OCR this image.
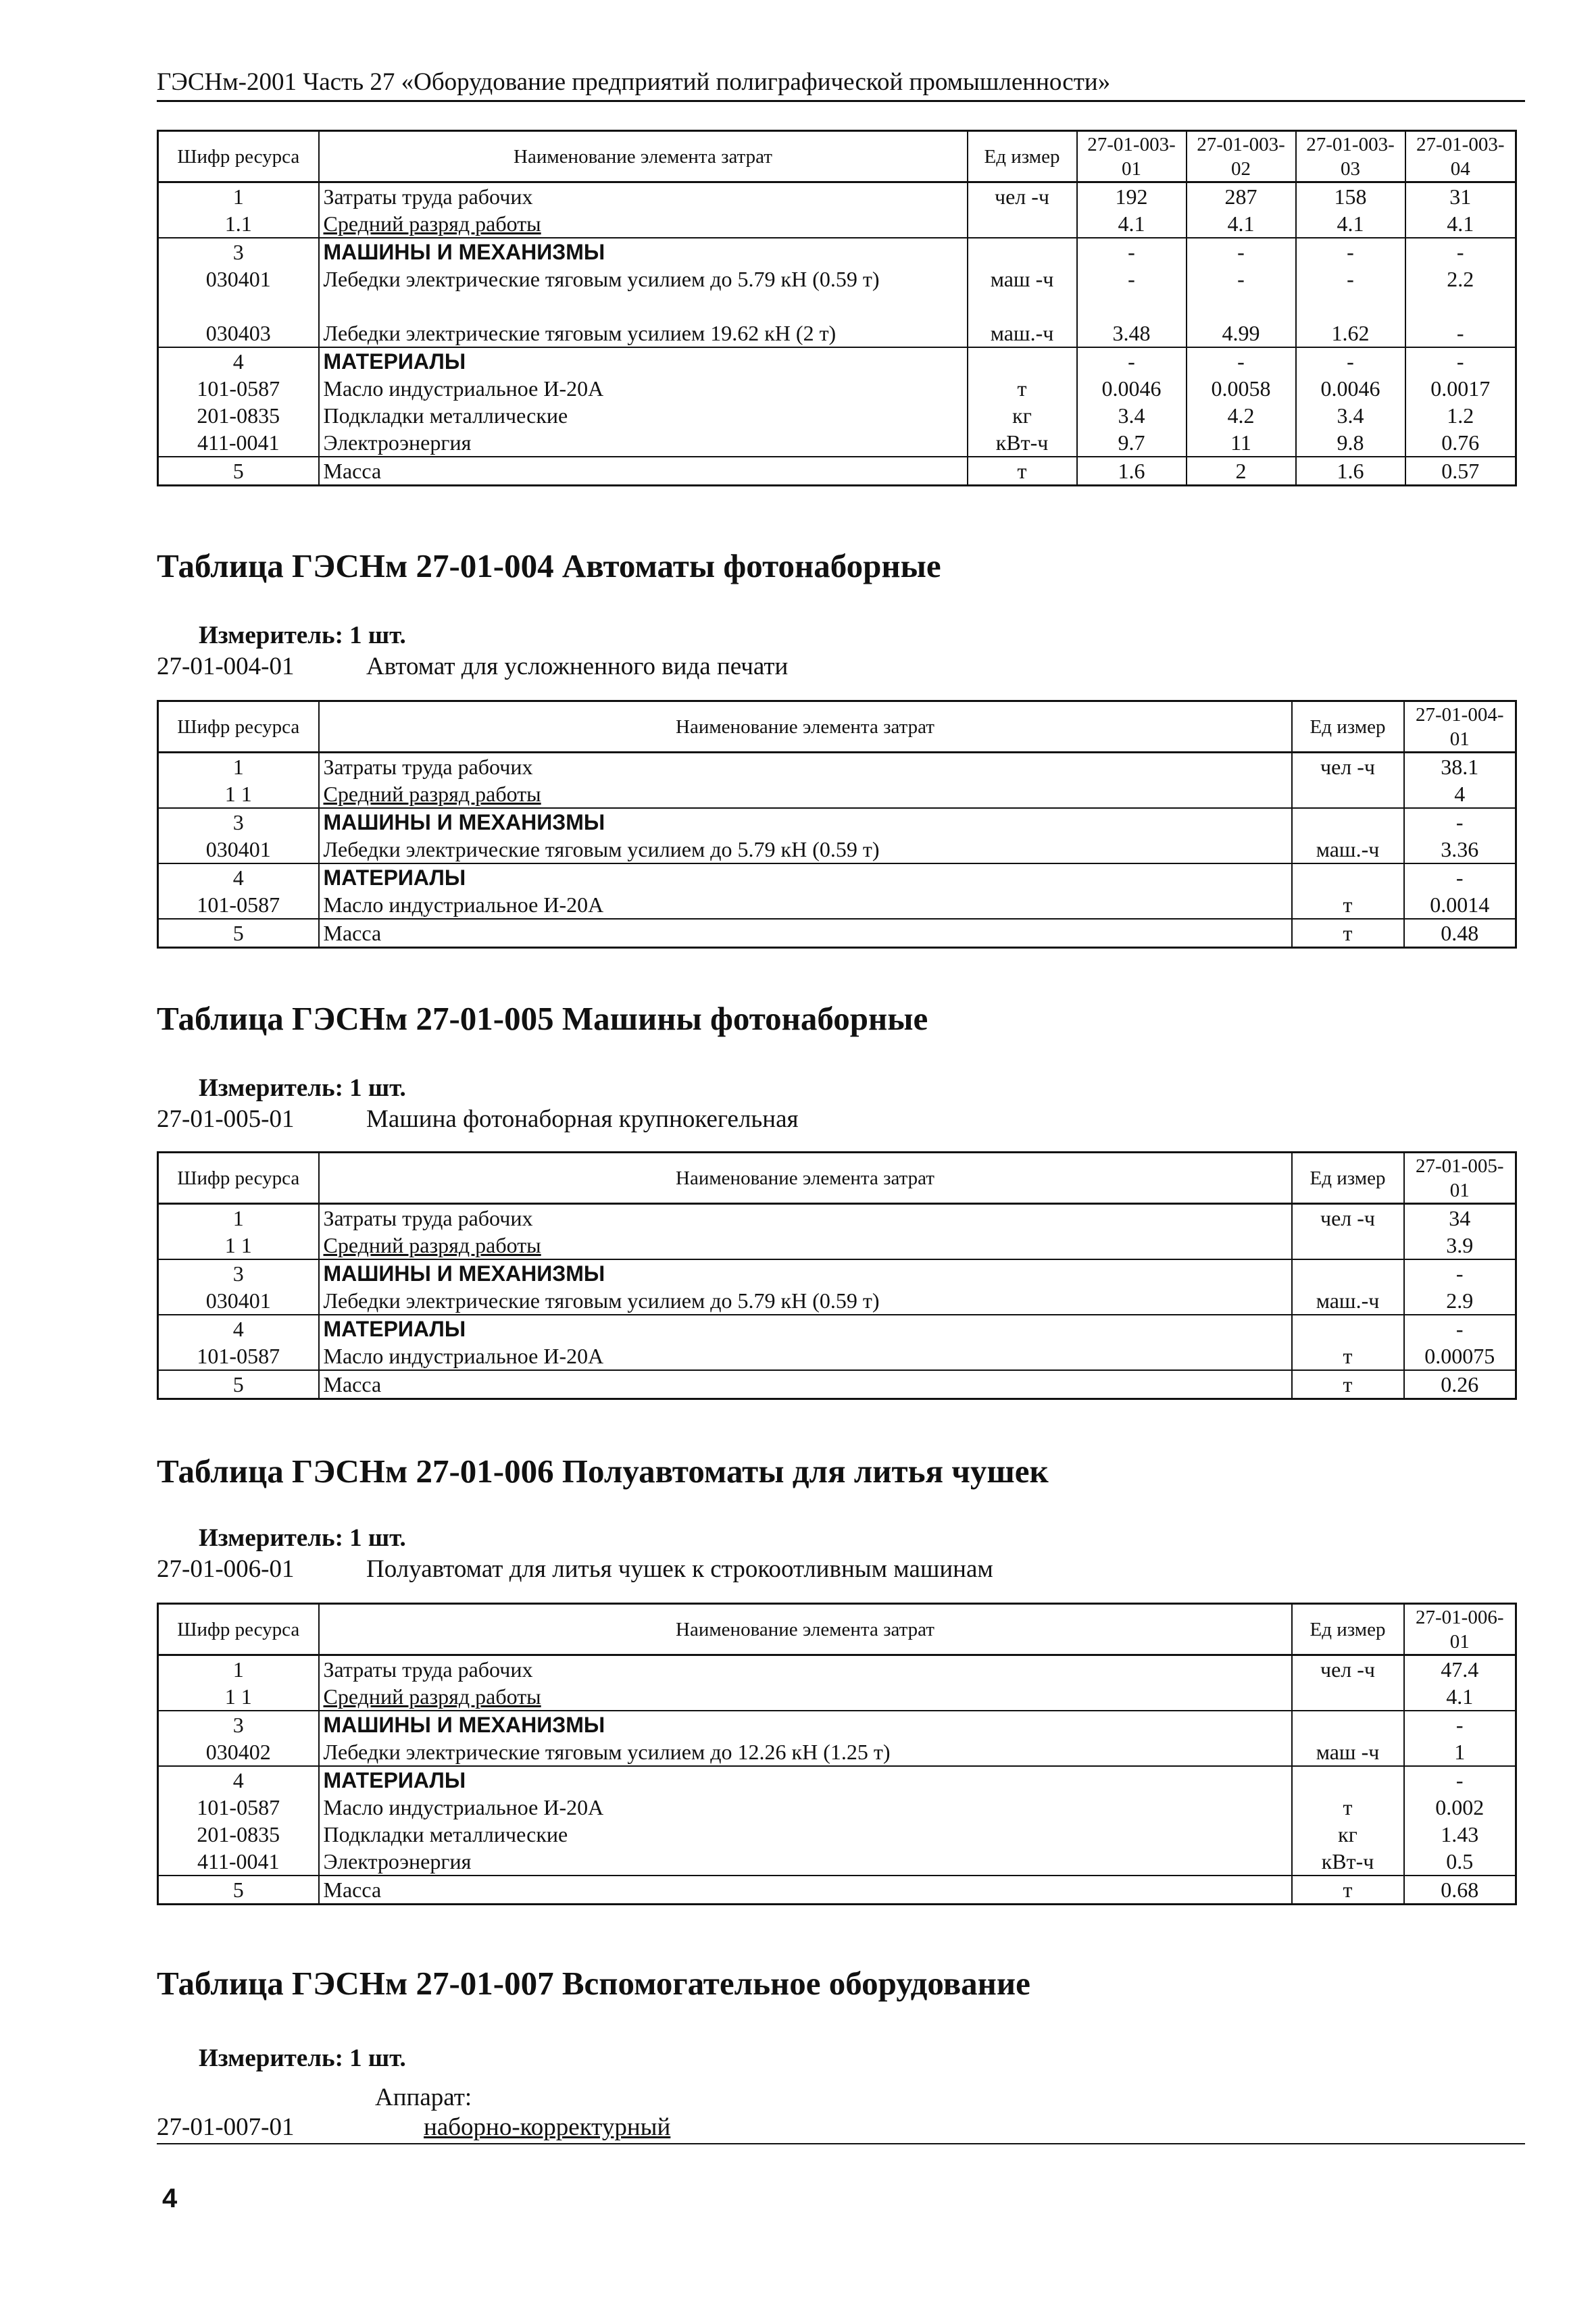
ГЭСНм-2001 Часть 27 «Оборудование предприятий полиграфической промышленности»
Шифр ресурса	Наименование элемента затрат	Ед измер	27-01-003-01	27-01-003-02	27-01-003-03	27-01-003-04
1	Затраты труда рабочих	чел -ч	192	287	158	31
1.1	Средний разряд работы		4.1	4.1	4.1	4.1
3	МАШИНЫ И МЕХАНИЗМЫ		-	-	-	-
030401	Лебедки электрические тяговым усилием до 5.79 кН (0.59 т)	маш -ч	-	-	-	2.2
030403	Лебедки электрические тяговым усилием 19.62 кН (2 т)	маш.-ч	3.48	4.99	1.62	-
4	МАТЕРИАЛЫ		-	-	-	-
101-0587	Масло индустриальное И-20А	т	0.0046	0.0058	0.0046	0.0017
201-0835	Подкладки металлические	кг	3.4	4.2	3.4	1.2
411-0041	Электроэнергия	кВт-ч	9.7	11	9.8	0.76
5	Масса	т	1.6	2	1.6	0.57
Таблица ГЭСНм 27-01-004 Автоматы фотонаборные
Измеритель: 1 шт.
27-01-004-01	Автомат для усложненного вида печати
Шифр ресурса	Наименование элемента затрат	Ед измер	27-01-004-01
1	Затраты труда рабочих	чел -ч	38.1
1 1	Средний разряд работы		4
3	МАШИНЫ И МЕХАНИЗМЫ		-
030401	Лебедки электрические тяговым усилием до 5.79 кН (0.59 т)	маш.-ч	3.36
4	МАТЕРИАЛЫ		-
101-0587	Масло индустриальное И-20А	т	0.0014
5	Масса	т	0.48
Таблица ГЭСНм 27-01-005 Машины фотонаборные
Измеритель: 1 шт.
27-01-005-01	Машина фотонаборная крупнокегельная
Шифр ресурса	Наименование элемента затрат	Ед измер	27-01-005-01
1	Затраты труда рабочих	чел -ч	34
1 1	Средний разряд работы		3.9
3	МАШИНЫ И МЕХАНИЗМЫ		-
030401	Лебедки электрические тяговым усилием до 5.79 кН (0.59 т)	маш.-ч	2.9
4	МАТЕРИАЛЫ		-
101-0587	Масло индустриальное И-20А	т	0.00075
5	Масса	т	0.26
Таблица ГЭСНм 27-01-006 Полуавтоматы для литья чушек
Измеритель: 1 шт.
27-01-006-01	Полуавтомат для литья чушек к строкоотливным машинам
Шифр ресурса	Наименование элемента затрат	Ед измер	27-01-006-01
1	Затраты труда рабочих	чел -ч	47.4
1 1	Средний разряд работы		4.1
3	МАШИНЫ И МЕХАНИЗМЫ		-
030402	Лебедки электрические тяговым усилием до 12.26 кН (1.25 т)	маш -ч	1
4	МАТЕРИАЛЫ		-
101-0587	Масло индустриальное И-20А	т	0.002
201-0835	Подкладки металлические	кг	1.43
411-0041	Электроэнергия	кВт-ч	0.5
5	Масса	т	0.68
Таблица ГЭСНм 27-01-007 Вспомогательное оборудование
Измеритель: 1 шт.
Аппарат:
27-01-007-01	наборно-корректурный
4
